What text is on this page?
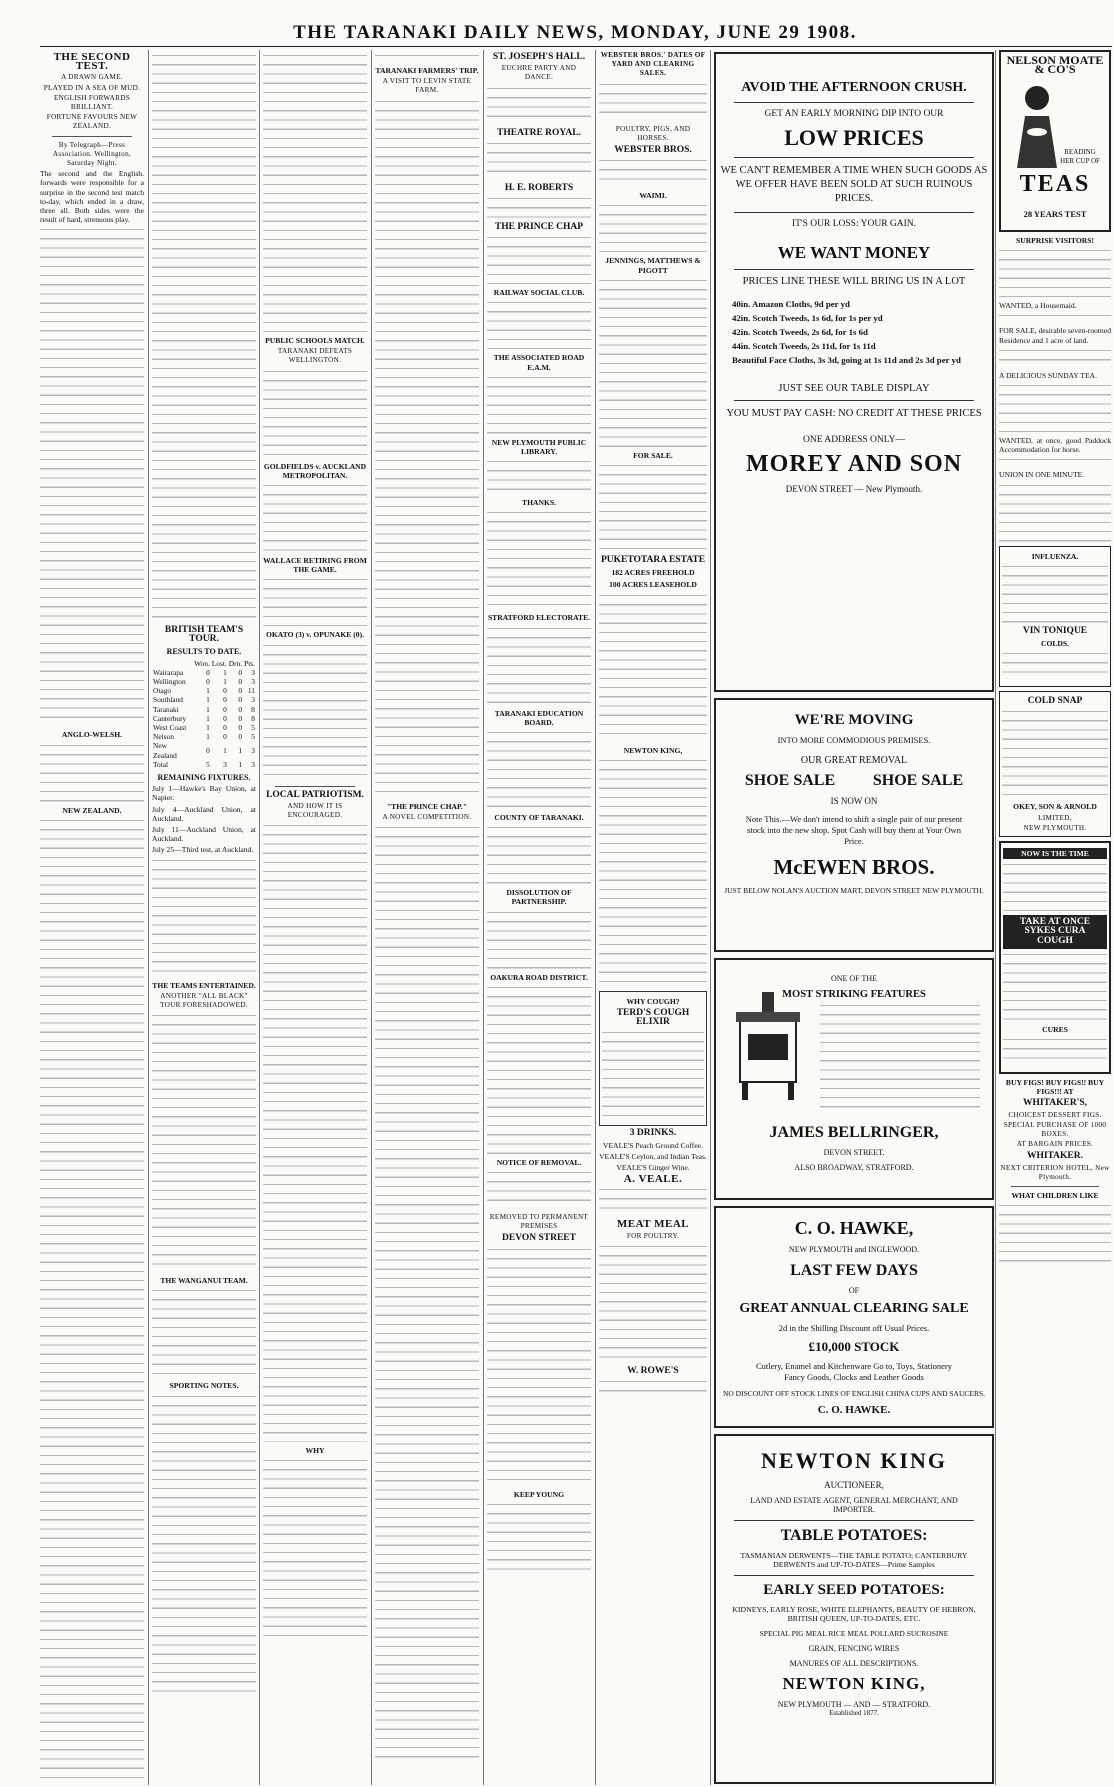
THE TARANAKI DAILY NEWS, MONDAY, JUNE 29 1908.
THE SECOND TEST.
A DRAWN GAME.
PLAYED IN A SEA OF MUD.
ENGLISH FORWARDS BRILLIANT.
FORTUNE FAVOURS NEW ZEALAND.
By Telegraph—Press Association. Wellington, Saturday Night.
The second and the English. forwards were responsible for a surprise in the second test match to-day, which ended in a draw, three all. Both sides were the result of hard, strenuous play.
ANGLO-WELSH.
NEW ZEALAND.
BRITISH TEAM'S TOUR.
RESULTS TO DATE.
	Won.	Lost.	Drn.	Pts.
Wairarapa	0	1	0	3
Wellington	0	1	0	3
Otago	1	0	0	11
Southland	1	0	0	3
Taranaki	1	0	0	8
Canterbury	1	0	0	8
West Coast	1	0	0	5
Nelson	1	0	0	5
New Zealand	0	1	1	3
Total	5	3	1	3
REMAINING FIXTURES.
July 1—Hawke's Bay Union, at Napier.
July 4—Auckland Union, at Auckland.
July 11—Auckland Union, at Auckland.
July 25—Third test, at Auckland.
THE TEAMS ENTERTAINED.
ANOTHER "ALL BLACK" TOUR FORESHADOWED.
THE WANGANUI TEAM.
SPORTING NOTES.
PUBLIC SCHOOLS MATCH.
TARANAKI DEFEATS WELLINGTON.
GOLDFIELDS v. AUCKLAND METROPOLITAN.
WALLACE RETIRING FROM THE GAME.
OKATO (3) v. OPUNAKE (0).
LOCAL PATRIOTISM.
AND HOW IT IS ENCOURAGED.
WHY
TARANAKI FARMERS' TRIP.
A VISIT TO LEVIN STATE FARM.
"THE PRINCE CHAP."
A NOVEL COMPETITION.
ST. JOSEPH'S HALL.
EUCHRE PARTY AND DANCE.
THEATRE ROYAL.
H. E. ROBERTS
THE PRINCE CHAP
RAILWAY SOCIAL CLUB.
THE ASSOCIATED ROAD E.A.M.
NEW PLYMOUTH PUBLIC LIBRARY.
THANKS.
STRATFORD ELECTORATE.
TARANAKI EDUCATION BOARD.
COUNTY OF TARANAKI.
DISSOLUTION OF PARTNERSHIP.
OAKURA ROAD DISTRICT.
NOTICE OF REMOVAL.
REMOVED TO PERMANENT PREMISES
DEVON STREET
KEEP YOUNG
WEBSTER BROS.' DATES OF YARD AND CLEARING SALES.
POULTRY, PIGS, AND HORSES.
WEBSTER BROS.
WAIMI.
JENNINGS, MATTHEWS & PIGOTT
FOR SALE.
PUKETOTARA ESTATE
182 ACRES FREEHOLD
100 ACRES LEASEHOLD
NEWTON KING,
WHY COUGH?
TERD'S COUGH ELIXIR
3 DRINKS.
VEALE'S Peach Ground Coffee.
VEALE'S Ceylon, and Indian Teas.
VEALE'S Ginger Wine.
A. VEALE.
MEAT MEAL
FOR POULTRY.
W. ROWE'S
AVOID THE AFTERNOON CRUSH.
GET AN EARLY MORNING DIP INTO OUR
LOW PRICES
WE CAN'T REMEMBER A TIME WHEN SUCH GOODS AS WE OFFER HAVE BEEN SOLD AT SUCH RUINOUS PRICES.
IT'S OUR LOSS: YOUR GAIN.
WE WANT MONEY
PRICES LINE THESE WILL BRING US IN A LOT
40in. Amazon Cloths, 9d per yd
42in. Scotch Tweeds, 1s 6d, for 1s per yd
42in. Scotch Tweeds, 2s 6d, for 1s 6d
44in. Scotch Tweeds, 2s 11d, for 1s 11d
Beautiful Face Cloths, 3s 3d, going at 1s 11d and 2s 3d per yd
JUST SEE OUR TABLE DISPLAY
YOU MUST PAY CASH: NO CREDIT AT THESE PRICES
ONE ADDRESS ONLY—
MOREY AND SON
DEVON STREET — New Plymouth.
WE'RE MOVING
INTO MORE COMMODIOUS PREMISES.
OUR GREAT REMOVAL
SHOE SALE SHOE SALE
IS NOW ON
Note This.—We don't intend to shift a single pair of our present stock into the new shop. Spot Cash will buy them at Your Own Price.
McEWEN BROS.
JUST BELOW NOLAN'S AUCTION MART, DEVON STREET NEW PLYMOUTH.
ONE OF THE
MOST STRIKING FEATURES
JAMES BELLRINGER,
DEVON STREET.
ALSO BROADWAY, STRATFORD.
C. O. HAWKE,
NEW PLYMOUTH and INGLEWOOD.
LAST FEW DAYS
OF
GREAT ANNUAL CLEARING SALE
2d in the Shilling Discount off Usual Prices.
£10,000 STOCK
Cutlery, Enamel and Kitchenware Go to, Toys, Stationery Fancy Goods, Clocks and Leather Goods
NO DISCOUNT OFF STOCK LINES OF ENGLISH CHINA CUPS AND SAUCERS.
C. O. HAWKE.
NEWTON KING
AUCTIONEER,
LAND AND ESTATE AGENT, GENERAL MERCHANT, AND IMPORTER.
TABLE POTATOES:
TASMANIAN DERWENTS—THE TABLE POTATO; CANTERBURY DERWENTS and UP-TO-DATES—Prime Samples
EARLY SEED POTATOES:
KIDNEYS, EARLY ROSE, WHITE ELEPHANTS, BEAUTY OF HEBRON, BRITISH QUEEN, UP-TO-DATES, ETC.
SPECIAL PIG MEAL RICE MEAL POLLARD SUCROSINE
GRAIN, FENCING WIRES
MANURES OF ALL DESCRIPTIONS.
NEWTON KING,
NEW PLYMOUTH — AND — STRATFORD.
Established 1877.
NELSON MOATE & CO'S
READING HER CUP OF
TEAS
28 YEARS TEST
SURPRISE VISITORS!
WANTED, a Housemaid.
FOR SALE, desirable seven-roomed Residence and 1 acre of land.
A DELICIOUS SUNDAY TEA.
WANTED, at once, good Paddock Accommodation for horse.
UNION IN ONE MINUTE.
INFLUENZA.
VIN TONIQUE
COLDS.
COLD SNAP
OKEY, SON & ARNOLD
LIMITED,
NEW PLYMOUTH.
NOW IS THE TIME
TAKE AT ONCE SYKES CURA COUGH
CURES
BUY FIGS! BUY FIGS!! BUY FIGS!!! AT
WHITAKER'S,
CHOICEST DESSERT FIGS.
SPECIAL PURCHASE OF 1000 BOXES.
AT BARGAIN PRICES.
WHITAKER.
NEXT CRITERION HOTEL, New Plymouth.
WHAT CHILDREN LIKE
